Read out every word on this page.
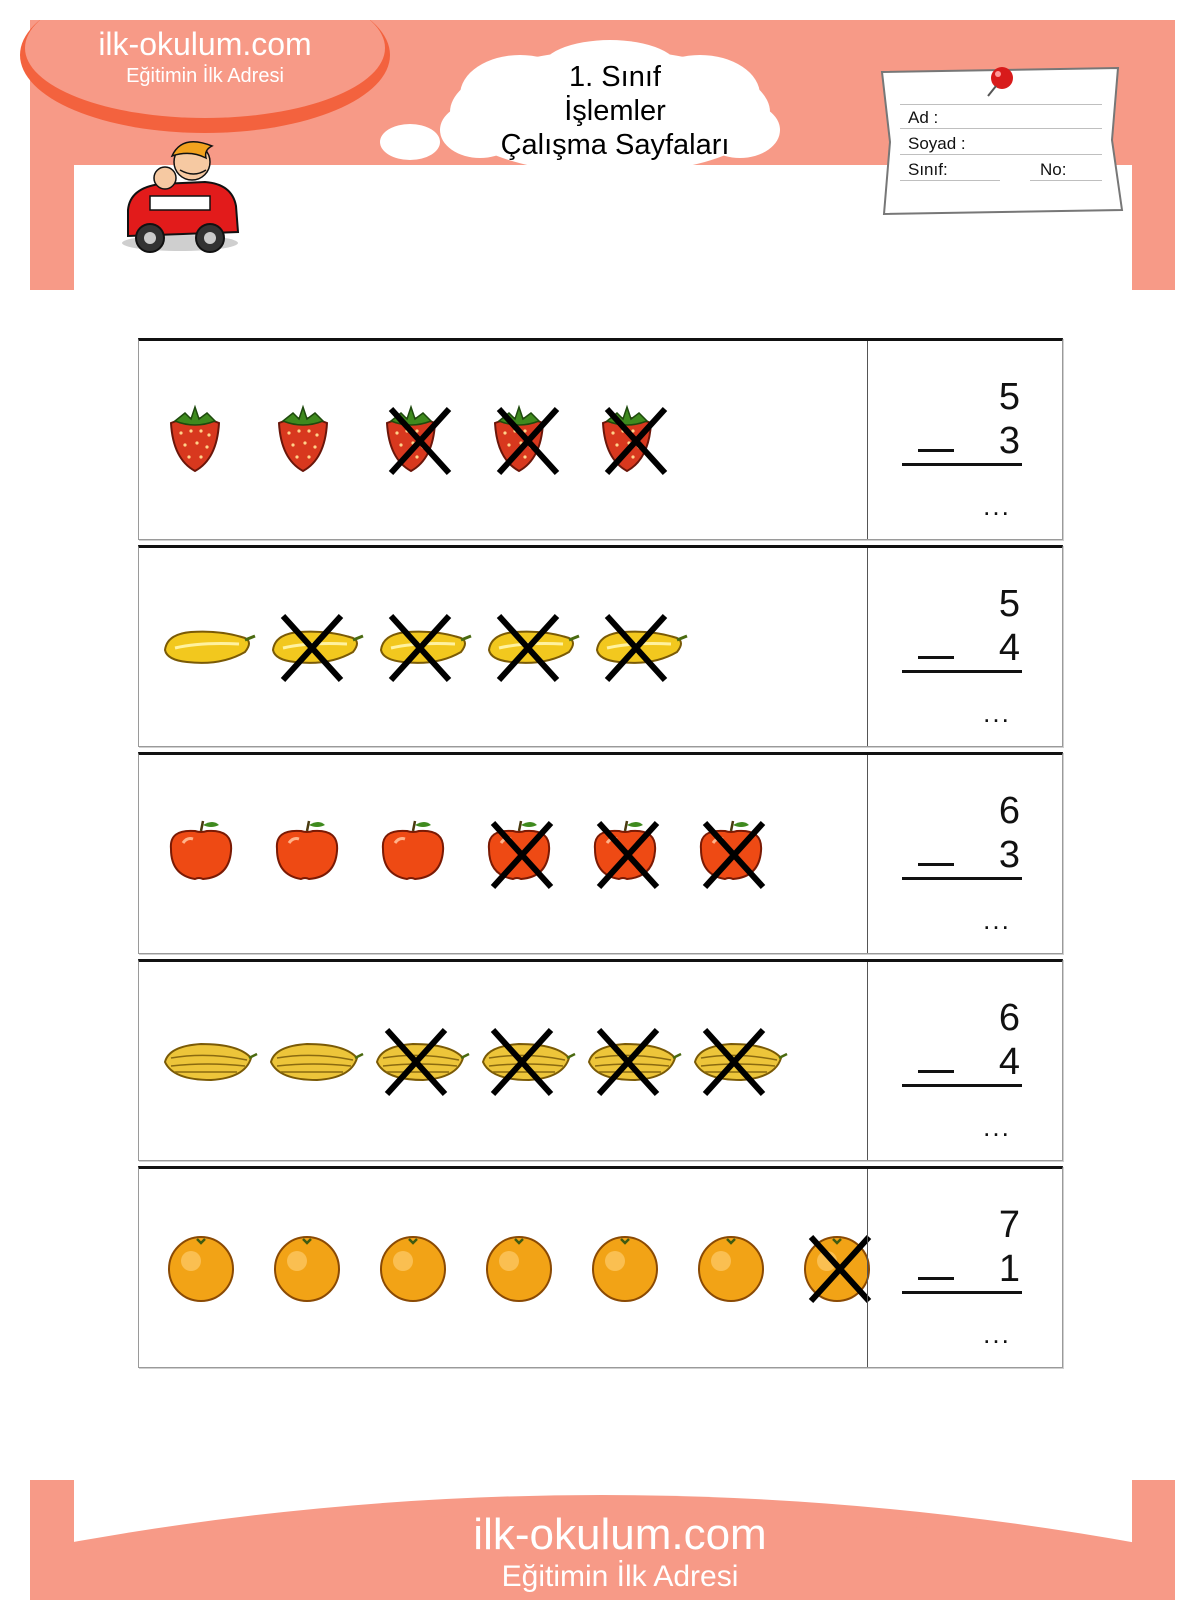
ilk-okulum.com
Eğitimin İlk Adresi	1. Sınıf
İşlemler
Çalışma Sayfaları
Ad :
Soyad :
Sınıf:	No:
5
3
...
5
4
...
6
3
...
6
4
...
7
1
...
ilk-okulum.com
Eğitimin İlk Adresi
